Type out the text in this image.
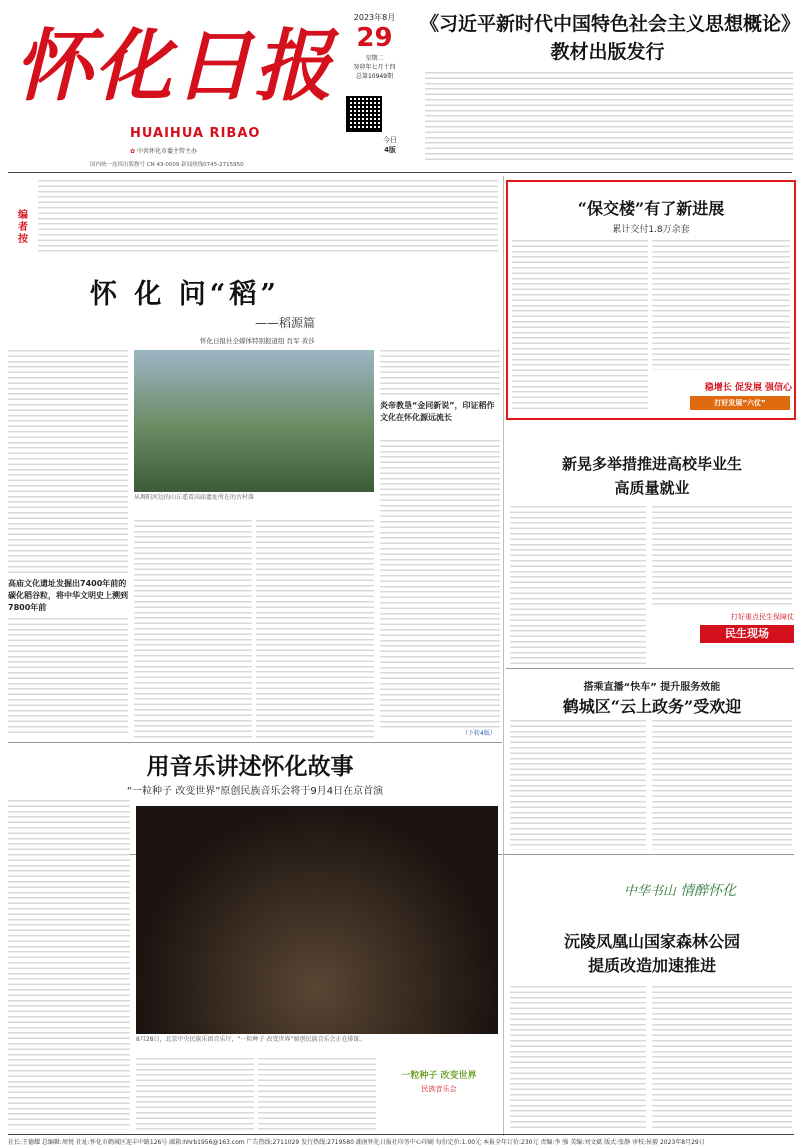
怀化日报
HUAIHUA RIBAO
✿ 中共怀化市委主管主办
国内统一连续出版物号 CN 43-0009 新闻热线0745-2715950
2023年8月
29
星期二
癸卯年七月十四
总第10949期
今日
4版
《习近平新时代中国特色社会主义思想概论》
教材出版发行
编者按
怀 化 问“稻”
——稻源篇
怀化日报社全媒体特别报道组 肖军 黄莎
高庙文化遗址发掘出7400年前的碳化稻谷粒，将中华文明史上溯到7800年前
从舞阳河边的山丘遥看高庙遗址所在的古村落
炎帝教垦“金同新说”，印证稻作文化在怀化源远流长
（下转4版）
“保交楼”有了新进展
累计交付1.8万余套
稳增长 促发展 强信心
打好发展“六仗”
新晃多举措推进高校毕业生
高质量就业
打好重点民生保障仗
民生现场
搭乘直播“快车” 提升服务效能
鹤城区“云上政务”受欢迎
用音乐讲述怀化故事
“一粒种子 改变世界”原创民族音乐会将于9月4日在京首演
8月28日，北京中央民族乐团音乐厅，“一粒种子 改变世界”原创民族音乐会正在排练。
一粒种子 改变世界
民族音乐会
中华书山 情醉怀化
沅陵凤凰山国家森林公园
提质改造加速推进
社长:王德耀 总编辑:周悦 社址:怀化市鹤城区迎丰中路126号 邮箱:hhrb1956@163.com 广告热线:2711029 发行热线:2719580 湖南怀化日报社印务中心印刷 每份定价:1.00元 本报全年订价:230元 责编:李 强 美编:刘文斌 版式:张静 审校:侯毅 2023年8月29日
